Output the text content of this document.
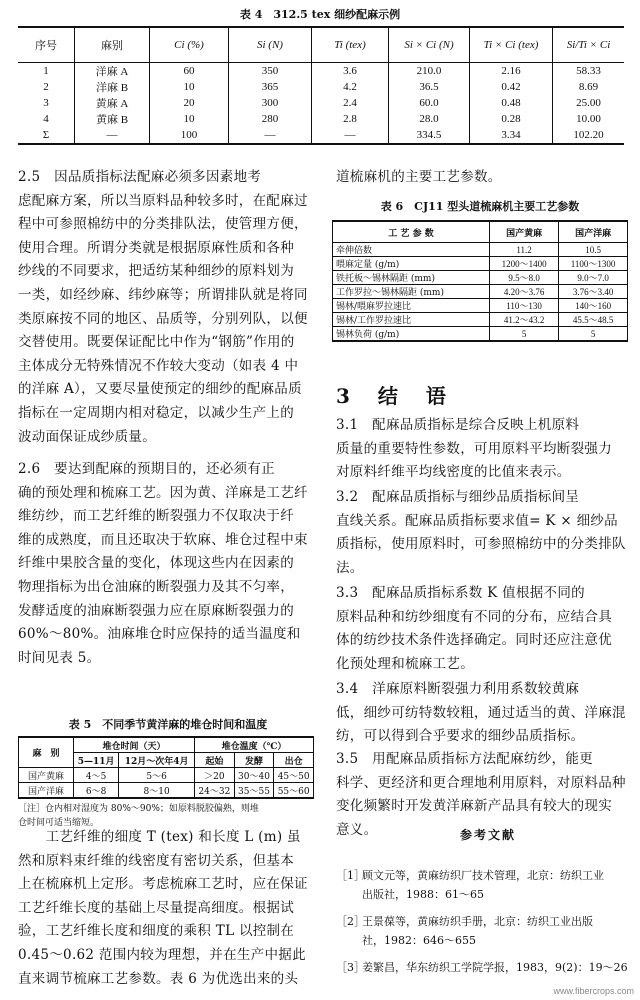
表 4　312.5 tex 细纱配麻示例
序号	麻别	Ci (%)	Si (N)	Ti (tex)	Si × Ci (N)	Ti × Ci (tex)	Si/Ti × Ci
1	洋麻 A	60	350	3.6	210.0	2.16	58.33
2	洋麻 B	10	365	4.2	36.5	0.42	8.69
3	黄麻 A	20	300	2.4	60.0	0.48	25.00
4	黄麻 B	10	280	2.8	28.0	0.28	10.00
Σ	—	100	—	—	334.5	3.34	102.20
2.5　因品质指标法配麻必须多因素地考
虑配麻方案，所以当原料品种较多时，在配麻过
程中可参照棉纺中的分类排队法，使管理方便，
使用合理。所谓分类就是根据原麻性质和各种
纱线的不同要求，把适纺某种细纱的原料划为
一类，如经纱麻、纬纱麻等；所谓排队就是将同
类原麻按不同的地区、品质等，分别列队，以便
交替使用。既要保证配比中作为“钢筋”作用的
主体成分无特殊情况不作较大变动（如表 4 中
的洋麻 A），又要尽量使预定的细纱的配麻品质
指标在一定周期内相对稳定，以减少生产上的
波动面保证成纱质量。
2.6　要达到配麻的预期目的，还必须有正
确的预处理和梳麻工艺。因为黄、洋麻是工艺纤
维纺纱，而工艺纤维的断裂强力不仅取决于纤
维的成熟度，而且还取决于软麻、堆仓过程中束
纤维中果胶含量的变化，体现这些内在因素的
物理指标为出仓油麻的断裂强力及其不匀率，
发酵适度的油麻断裂强力应在原麻断裂强力的
60%～80%。油麻堆仓时应保持的适当温度和
时间见表 5。
表 5　不同季节黄洋麻的堆仓时间和温度
麻　别	堆仓时间（天）		堆仓温度（℃）		
	5—11月	12月～次年4月	起始	发酵	出仓
国产黄麻	4～5	5～6	＞20	30～40	45～50
国产洋麻	6～8	8～10	24～32	35～55	55～60
［注］仓内相对湿度为 80%～90%；如原料脱胶偏熟，则堆
仓时间可适当缩短。
　　工艺纤维的细度 T (tex) 和长度 L (m) 虽
然和原料束纤维的线密度有密切关系，但基本
上在梳麻机上定形。考虑梳麻工艺时，应在保证
工艺纤维长度的基础上尽量提高细度。根据试
验，工艺纤维长度和细度的乘积 TL 以控制在
0.45～0.62 范围内较为理想，并在生产中据此
直来调节梳麻工艺参数。表 6 为优选出来的头
道梳麻机的主要工艺参数。
表 6　CJ11 型头道梳麻机主要工艺参数
工 艺 参 数	国产黄麻	国产洋麻
牵伸倍数	11.2	10.5
喂麻定量 (g/m)	1200～1400	1100～1300
铁托板～锡林隔距 (mm)	9.5～8.0	9.0～7.0
工作罗拉～锡林隔距 (mm)	4.20～3.76	3.76～3.40
锡林/喂麻罗拉速比	110～130	140～160
锡林/工作罗拉速比	41.2～43.2	45.5～48.5
锡林负荷 (g/m)	5	5
3　结　语
3.1　配麻品质指标是综合反映上机原料
质量的重要特性参数，可用原料平均断裂强力
对原料纤维平均线密度的比值来表示。
3.2　配麻品质指标与细纱品质指标间呈
直线关系。配麻品质指标要求值= K × 细纱品
质指标，使用原料时，可参照棉纺中的分类排队
法。
3.3　配麻品质指标系数 K 值根据不同的
原料品种和纺纱细度有不同的分布，应结合具
体的纺纱技术条件选择确定。同时还应注意优
化预处理和梳麻工艺。
3.4　洋麻原料断裂强力利用系数较黄麻
低，细纱可纺特数较粗，通过适当的黄、洋麻混
纺，可以得到合乎要求的细纱品质指标。
3.5　用配麻品质指标方法配麻纺纱，能更
科学、更经济和更合理地利用原料，对原料品种
变化频繁时开发黄洋麻新产品具有较大的现实
意义。	参考文献
［1］
顾文元等，黄麻纺织厂技术管理，北京：纺织工业
出版社，1988：61～65
［2］
王景葆等，黄麻纺织手册，北京：纺织工业出版
社，1982：646～655
［3］
姜繁昌，华东纺织工学院学报，1983，9(2)：19～26
www.fibercrops.com
